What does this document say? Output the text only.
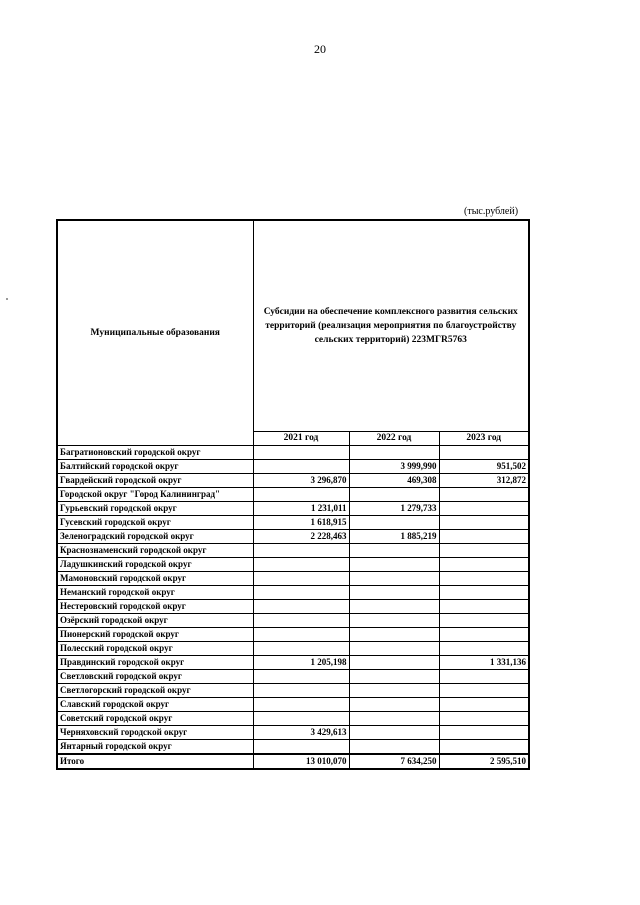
20
(тыс.рублей)
Муниципальные образования	Субсидии на обеспечение комплексного развития сельских территорий (реализация мероприятия по благоустройству сельских территорий) 223МГR5763		
	2021 год	2022 год	2023 год
Багратионовский городской округ			
Балтийский городской округ		3 999,990	951,502
Гвардейский городской округ	3 296,870	469,308	312,872
Городской округ "Город Калининград"			
Гурьевский городской округ	1 231,011	1 279,733	
Гусевский городской округ	1 618,915		
Зеленоградский городской округ	2 228,463	1 885,219	
Краснознаменский городской округ			
Ладушкинский городской округ			
Мамоновский городской округ			
Неманский городской округ			
Нестеровский городской округ			
Озёрский городской округ			
Пионерский городской округ			
Полесский городской округ			
Правдинский городской округ	1 205,198		1 331,136
Светловский городской округ			
Светлогорский городской округ			
Славский городской округ			
Советский городской округ			
Черняховский городской округ	3 429,613		
Янтарный городской округ			
Итого	13 010,070	7 634,250	2 595,510
